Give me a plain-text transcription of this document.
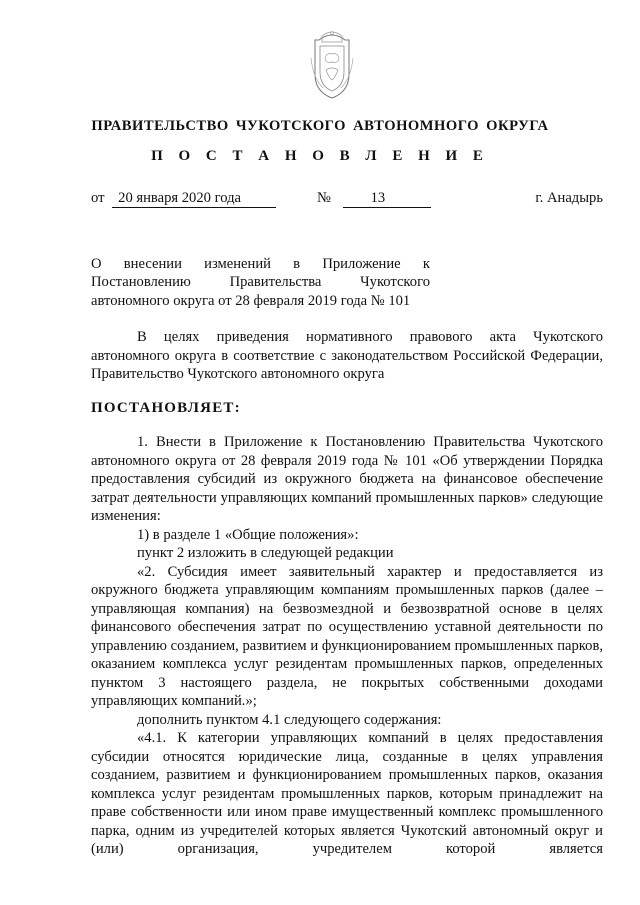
ПРАВИТЕЛЬСТВО ЧУКОТСКОГО АВТОНОМНОГО ОКРУГА
П О С Т А Н О В Л Е Н И Е
от 20 января 2020 года	№	13	г. Анадырь

О внесении изменений в Приложение к Постановлению Правительства Чукотского автономного округа от 28 февраля 2019 года № 101

В целях приведения нормативного правового акта Чукотского автономного округа в соответствие с законодательством Российской Федерации, Правительство Чукотского автономного округа

ПОСТАНОВЛЯЕТ:

1. Внести в Приложение к Постановлению Правительства Чукотского автономного округа от 28 февраля 2019 года № 101 «Об утверждении Порядка предоставления субсидий из окружного бюджета на финансовое обеспечение затрат деятельности управляющих компаний промышленных парков» следующие изменения:

1) в разделе 1 «Общие положения»:

пункт 2 изложить в следующей редакции

«2. Субсидия имеет заявительный характер и предоставляется из окружного бюджета управляющим компаниям промышленных парков (далее – управляющая компания) на безвозмездной и безвозвратной основе в целях финансового обеспечения затрат по осуществлению уставной деятельности по управлению созданием, развитием и функционированием промышленных парков, оказанием комплекса услуг резидентам промышленных парков, определенных пунктом 3 настоящего раздела, не покрытых собственными доходами управляющих компаний.»;

дополнить пунктом 4.1 следующего содержания:

«4.1. К категории управляющих компаний в целях предоставления субсидии относятся юридические лица, созданные в целях управления созданием, развитием и функционированием промышленных парков, оказания комплекса услуг резидентам промышленных парков, которым принадлежит на праве собственности или ином праве имущественный комплекс промышленного парка, одним из учредителей которых является Чукотский автономный округ и (или) организация, учредителем которой является
